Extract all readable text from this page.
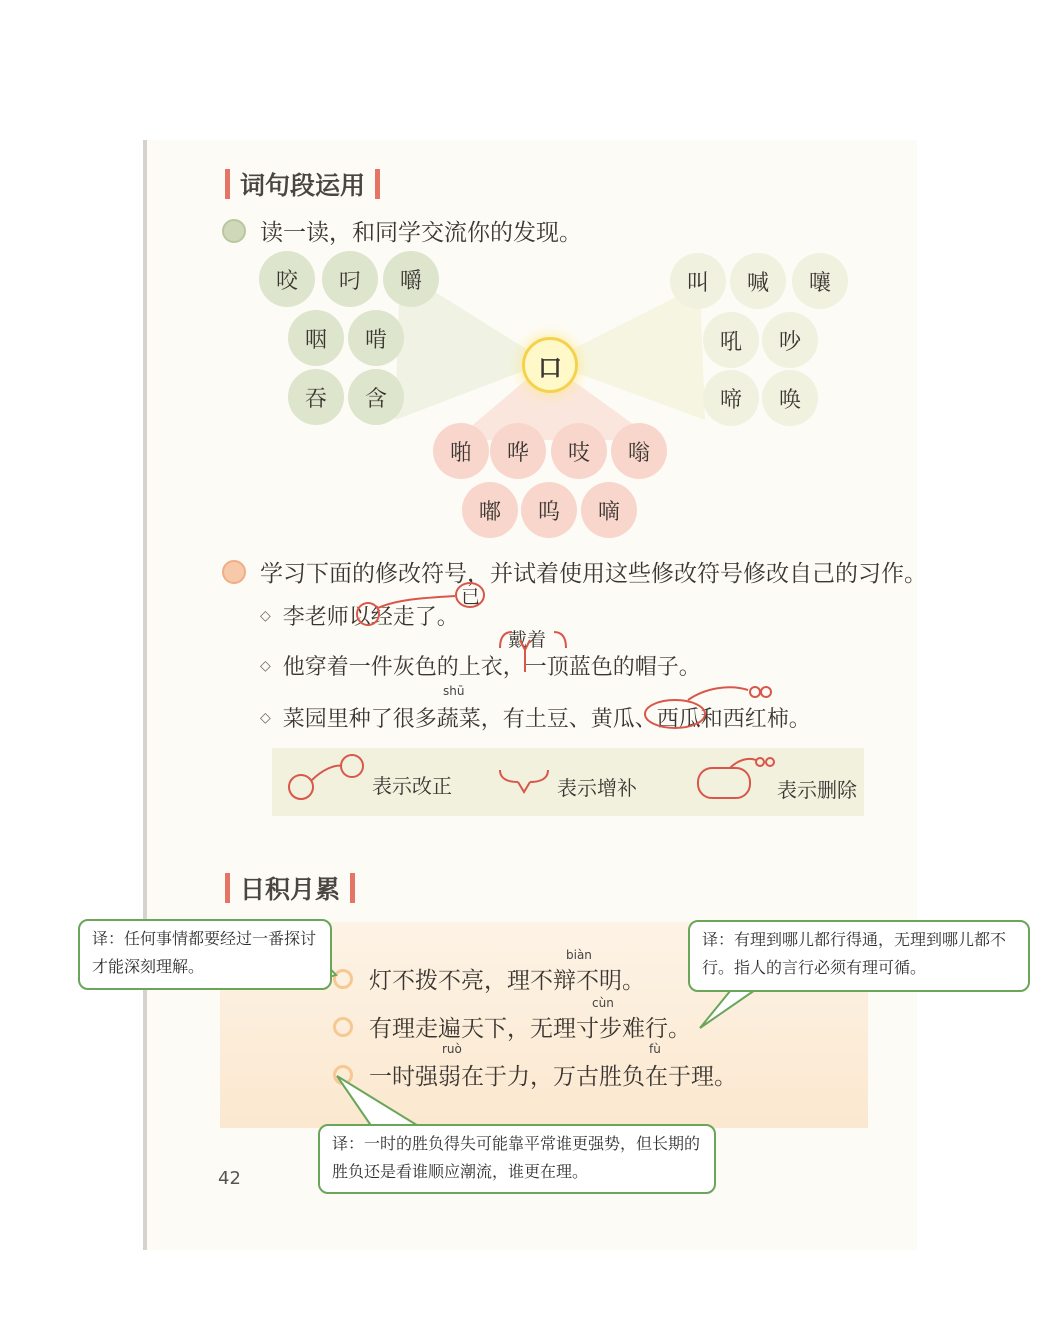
词句段运用
读一读，和同学交流你的发现。
咬	叼	嚼
咽	啃
吞	含
叫	喊	嚷
吼	吵
啼	唤
口
啪	哗	吱	嗡
嘟	呜	嘀
学习下面的修改符号，并试着使用这些修改符号修改自己的习作。
◇ 李老师以经走了。
◇ 他穿着一件灰色的上衣，一顶蓝色的帽子。
◇ 菜园里种了很多蔬菜，有土豆、黄瓜、西瓜和西红柿。
shū
已
戴着
表示改正	表示增补	表示删除
日积月累
biàn
灯不拨不亮，理不辩不明。
cùn
有理走遍天下，无理寸步难行。
ruò	fù
一时强弱在于力，万古胜负在于理。
译：任何事情都要经过一番探讨才能深刻理解。
译：有理到哪儿都行得通，无理到哪儿都不行。指人的言行必须有理可循。
译：一时的胜负得失可能靠平常谁更强势，但长期的胜负还是看谁顺应潮流，谁更在理。
42
